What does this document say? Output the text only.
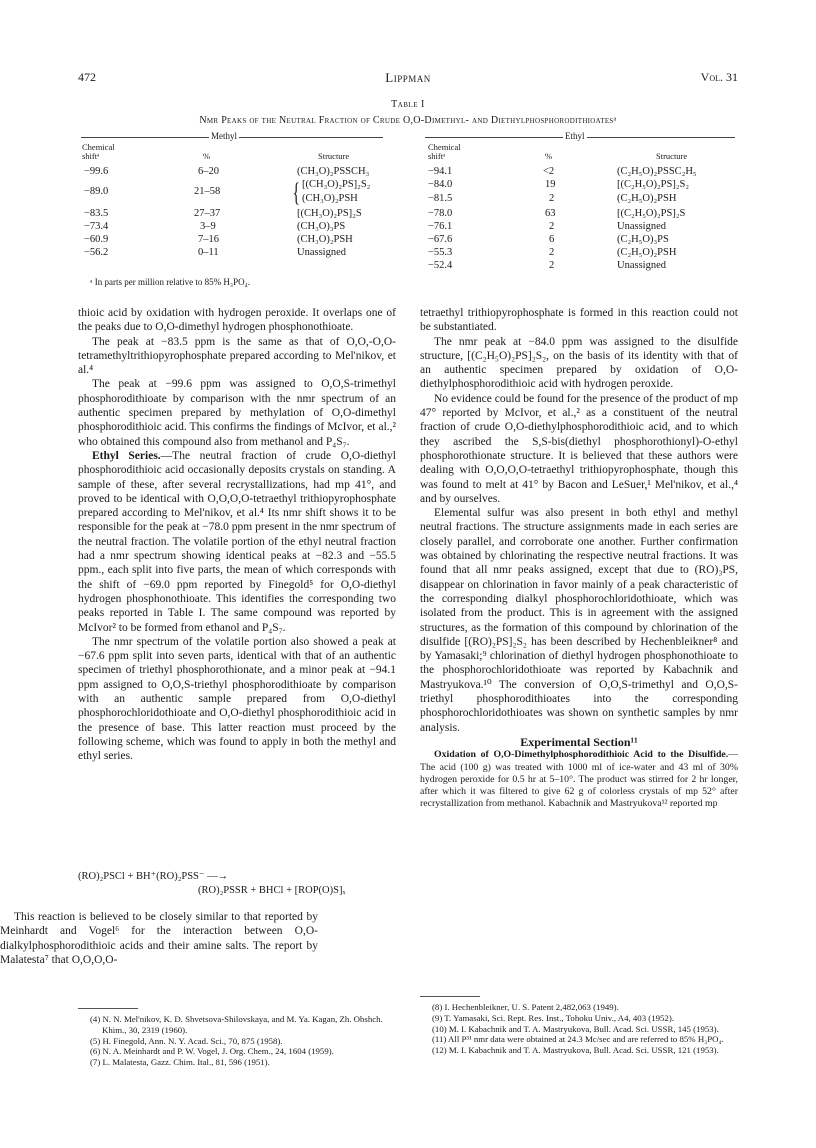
472	Lippman	Vol. 31
Table I
Nmr Peaks of the Neutral Fraction of Crude O,O-Dimethyl- and Diethylphosphorodithioatesᵃ
Methyl	Ethyl
Chemical
shiftᵃ	%	Structure
Chemical
shiftᵃ	%	Structure
−99.6	6–20	(CH₃O)₂PSSCH₃
−89.0	21–58	{ [(CH₃O)₂PS]₂S₂
(CH₃O)₂PSH
−83.5	27–37	[(CH₃O)₂PS]₂S
−73.4	3–9	(CH₃O)₃PS
−60.9	7–16	(CH₃O)₂PSH
−56.2	0–11	Unassigned
−94.1	<2	(C₂H₅O)₂PSSC₂H₅
−84.0	19	[(C₂H₅O)₂PS]₂S₂
−81.5	2	(C₂H₅O)₂PSH
−78.0	63	[(C₂H₅O)₂PS]₂S
−76.1	2	Unassigned
−67.6	6	(C₂H₅O)₃PS
−55.3	2	(C₂H₅O)₂PSH
−52.4	2	Unassigned
ᵃ In parts per million relative to 85% H₃PO₄.

thioic acid by oxidation with hydrogen peroxide. It overlaps one of the peaks due to O,O-dimethyl hydrogen phosphonothioate.

The peak at −83.5 ppm is the same as that of O,O,-O,O-tetramethyltrithiopyrophosphate prepared according to Mel'nikov, et al.⁴

The peak at −99.6 ppm was assigned to O,O,S-trimethyl phosphorodithioate by comparison with the nmr spectrum of an authentic specimen prepared by methylation of O,O-dimethyl phosphorodithioic acid. This confirms the findings of McIvor, et al.,² who obtained this compound also from methanol and P₄S₇.

Ethyl Series.—The neutral fraction of crude O,O-diethyl phosphorodithioic acid occasionally deposits crystals on standing. A sample of these, after several recrystallizations, had mp 41°, and proved to be identical with O,O,O,O-tetraethyl trithiopyrophosphate prepared according to Mel'nikov, et al.⁴ Its nmr shift shows it to be responsible for the peak at −78.0 ppm present in the nmr spectrum of the neutral fraction. The volatile portion of the ethyl neutral fraction had a nmr spectrum showing identical peaks at −82.3 and −55.5 ppm., each split into five parts, the mean of which corresponds with the shift of −69.0 ppm reported by Finegold⁵ for O,O-diethyl hydrogen phosphonothioate. This identifies the corresponding two peaks reported in Table I. The same compound was reported by McIvor² to be formed from ethanol and P₄S₇.

The nmr spectrum of the volatile portion also showed a peak at −67.6 ppm split into seven parts, identical with that of an authentic specimen of triethyl phosphorothionate, and a minor peak at −94.1 ppm assigned to O,O,S-triethyl phosphorodithioate by comparison with an authentic sample prepared from O,O-diethyl phosphorochloridothioate and O,O-diethyl phosphorodithioic acid in the presence of base. This latter reaction must proceed by the following scheme, which was found to apply in both the methyl and ethyl series.

(RO)₂PSCl + BH⁺(RO)₂PSS⁻ —→
(RO)₂PSSR + BHCl + [ROP(O)S]ₓ

This reaction is believed to be closely similar to that reported by Meinhardt and Vogel⁶ for the interaction between O,O-dialkylphosphorodithioic acids and their amine salts. The report by Malatesta⁷ that O,O,O,O-

(4) N. N. Mel'nikov, K. D. Shvetsova-Shilovskaya, and M. Ya. Kagan, Zh. Obshch. Khim., 30, 2319 (1960).
(5) H. Finegold, Ann. N. Y. Acad. Sci., 70, 875 (1958).
(6) N. A. Meinhardt and P. W. Vogel, J. Org. Chem., 24, 1604 (1959).
(7) L. Malatesta, Gazz. Chim. Ital., 81, 596 (1951).

tetraethyl trithiopyrophosphate is formed in this reaction could not be substantiated.

The nmr peak at −84.0 ppm was assigned to the disulfide structure, [(C₂H₅O)₂PS]₂S₂, on the basis of its identity with that of an authentic specimen prepared by oxidation of O,O-diethylphosphorodithioic acid with hydrogen peroxide.

No evidence could be found for the presence of the product of mp 47° reported by McIvor, et al.,² as a constituent of the neutral fraction of crude O,O-diethylphosphorodithioic acid, and to which they ascribed the S,S-bis(diethyl phosphorothionyl)-O-ethyl phosphorothionate structure. It is believed that these authors were dealing with O,O,O,O-tetraethyl trithiopyrophosphate, though this was found to melt at 41° by Bacon and LeSuer,¹ Mel'nikov, et al.,⁴ and by ourselves.

Elemental sulfur was also present in both ethyl and methyl neutral fractions. The structure assignments made in each series are closely parallel, and corroborate one another. Further confirmation was obtained by chlorinating the respective neutral fractions. It was found that all nmr peaks assigned, except that due to (RO)₃PS, disappear on chlorination in favor mainly of a peak characteristic of the corresponding dialkyl phosphorochloridothioate, which was isolated from the product. This is in agreement with the assigned structures, as the formation of this compound by chlorination of the disulfide [(RO)₂PS]₂S₂ has been described by Hechenbleikner⁸ and by Yamasaki;⁹ chlorination of diethyl hydrogen phosphonothioate to the phosphorochloridothioate was reported by Kabachnik and Mastryukova.¹⁰ The conversion of O,O,S-trimethyl and O,O,S-triethyl phosphorodithioates into the corresponding phosphorochloridothioates was shown on synthetic samples by nmr analysis.

Experimental Section¹¹

Oxidation of O,O-Dimethylphosphorodithioic Acid to the Disulfide.—The acid (100 g) was treated with 1000 ml of ice-water and 43 ml of 30% hydrogen peroxide for 0.5 hr at 5–10°. The product was stirred for 2 hr longer, after which it was filtered to give 62 g of colorless crystals of mp 52° after recrystallization from methanol. Kabachnik and Mastryukova¹² reported mp

(8) I. Hechenbleikner, U. S. Patent 2,482,063 (1949).
(9) T. Yamasaki, Sci. Rept. Res. Inst., Tohoku Univ., A4, 403 (1952).
(10) M. I. Kabachnik and T. A. Mastryukova, Bull. Acad. Sci. USSR, 145 (1953).
(11) All P³¹ nmr data were obtained at 24.3 Mc/sec and are referred to 85% H₃PO₄.
(12) M. I. Kabachnik and T. A. Mastryukova, Bull. Acad. Sci. USSR, 121 (1953).
